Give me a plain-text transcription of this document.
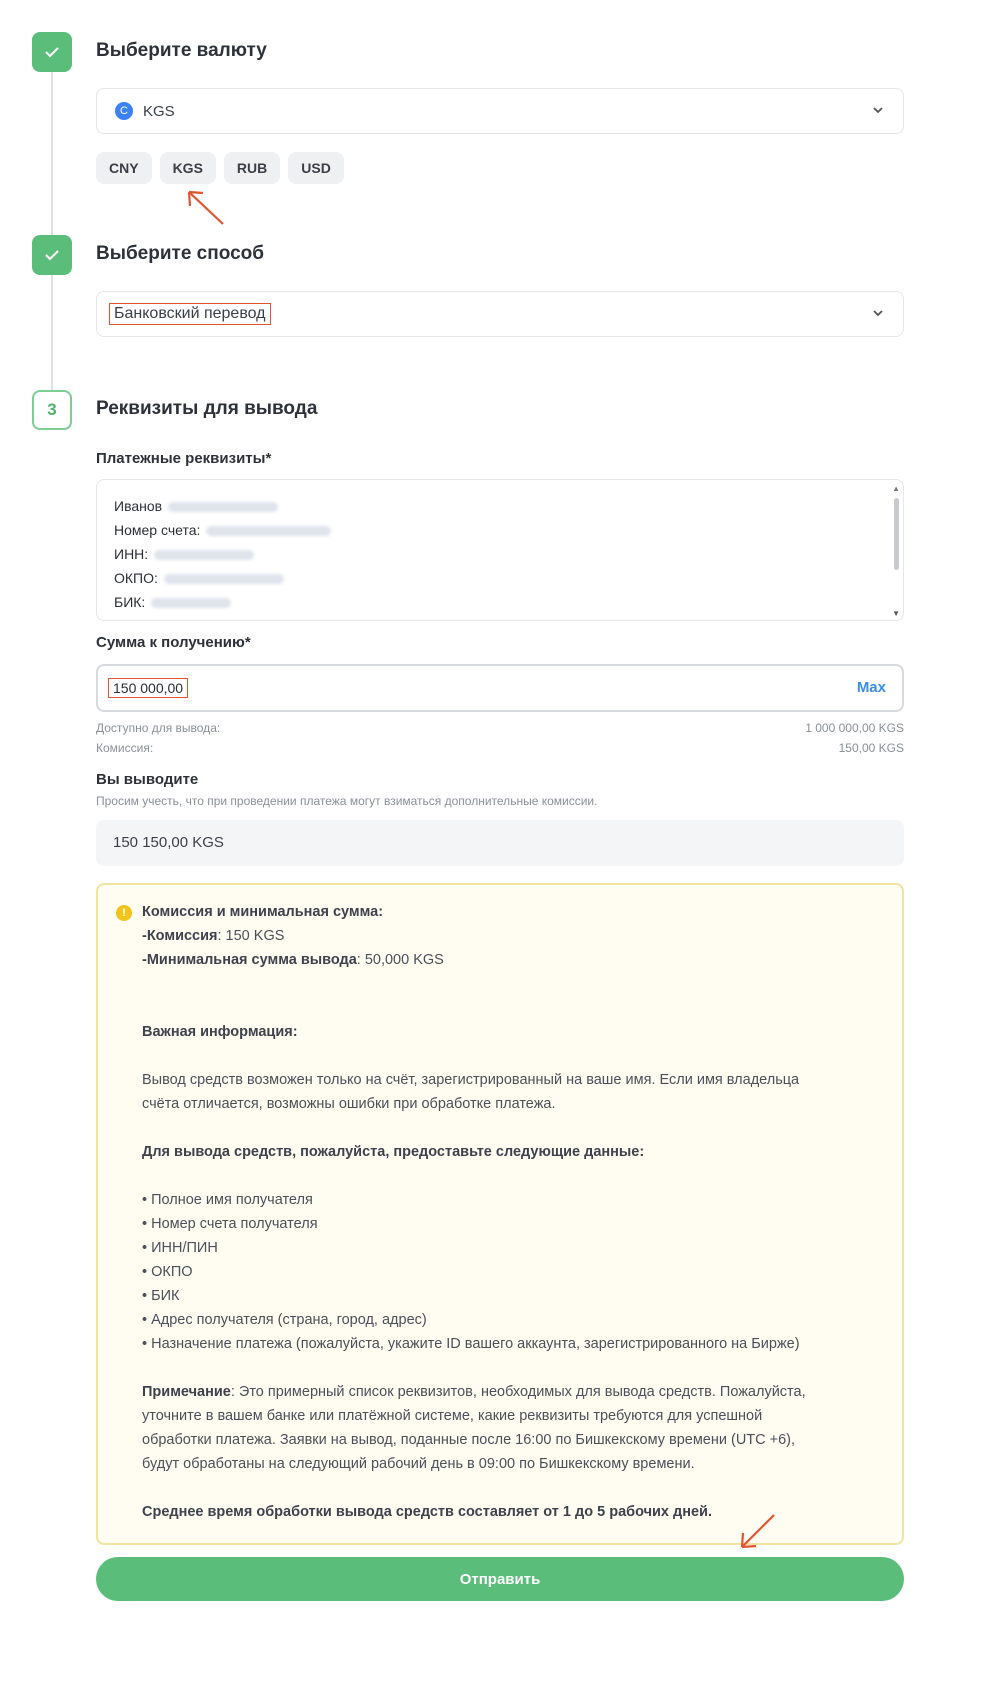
Выберите валюту
С	KGS
CNY	KGS	RUB	USD
Выберите способ
Банковский перевод
3	Реквизиты для вывода
Платежные реквизиты*
Иванов
Номер счета:
ИНН:
ОКПО:
БИК:
▲
▼
Сумма к получению*
150 000,00	Max
Доступно для вывода:	1 000 000,00 KGS
Комиссия:	150,00 KGS
Вы выводите
Просим учесть, что при проведении платежа могут взиматься дополнительные комиссии.
150 150,00 KGS
!	Комиссия и минимальная сумма:
-Комиссия: 150 KGS
-Минимальная сумма вывода: 50,000 KGS
Важная информация:
Вывод средств возможен только на счёт, зарегистрированный на ваше имя. Если имя владельца
счёта отличается, возможны ошибки при обработке платежа.
Для вывода средств, пожалуйста, предоставьте следующие данные:
• Полное имя получателя
• Номер счета получателя
• ИНН/ПИН
• ОКПО
• БИК
• Адрес получателя (страна, город, адрес)
• Назначение платежа (пожалуйста, укажите ID вашего аккаунта, зарегистрированного на Бирже)
Примечание: Это примерный список реквизитов, необходимых для вывода средств. Пожалуйста,
уточните в вашем банке или платёжной системе, какие реквизиты требуются для успешной
обработки платежа. Заявки на вывод, поданные после 16:00 по Бишкекскому времени (UTC +6),
будут обработаны на следующий рабочий день в 09:00 по Бишкекскому времени.
Среднее время обработки вывода средств составляет от 1 до 5 рабочих дней.
Отправить
